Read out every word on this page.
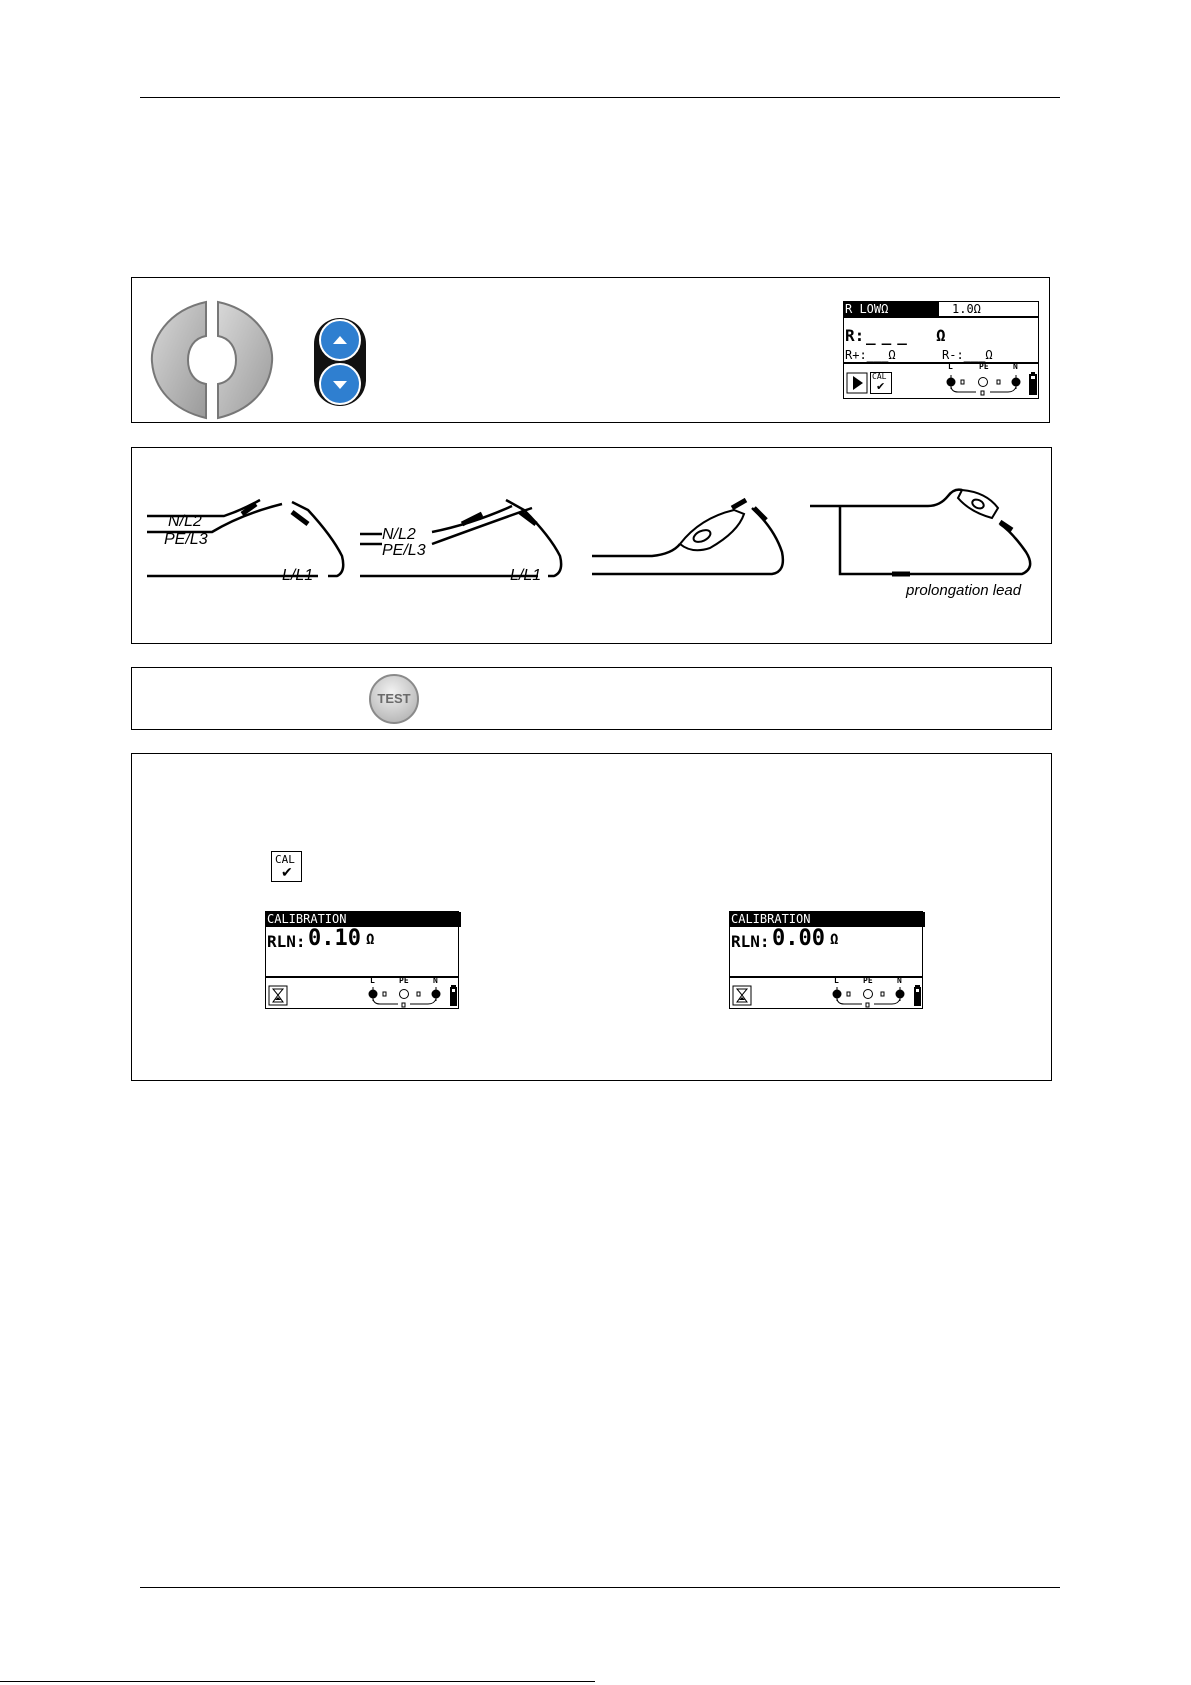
R LOWΩ	1.0Ω
R: ___ Ω
R+:___Ω	R-:___Ω
CAL
✔
L	PE	N
N/L2
PE/L3
L/L1
N/L2
PE/L3
L/L1
prolongation lead
TEST
CAL
✔
CALIBRATION
RLN: 0.10 Ω
L	PE	N
CALIBRATION
RLN: 0.00 Ω
L	PE	N
